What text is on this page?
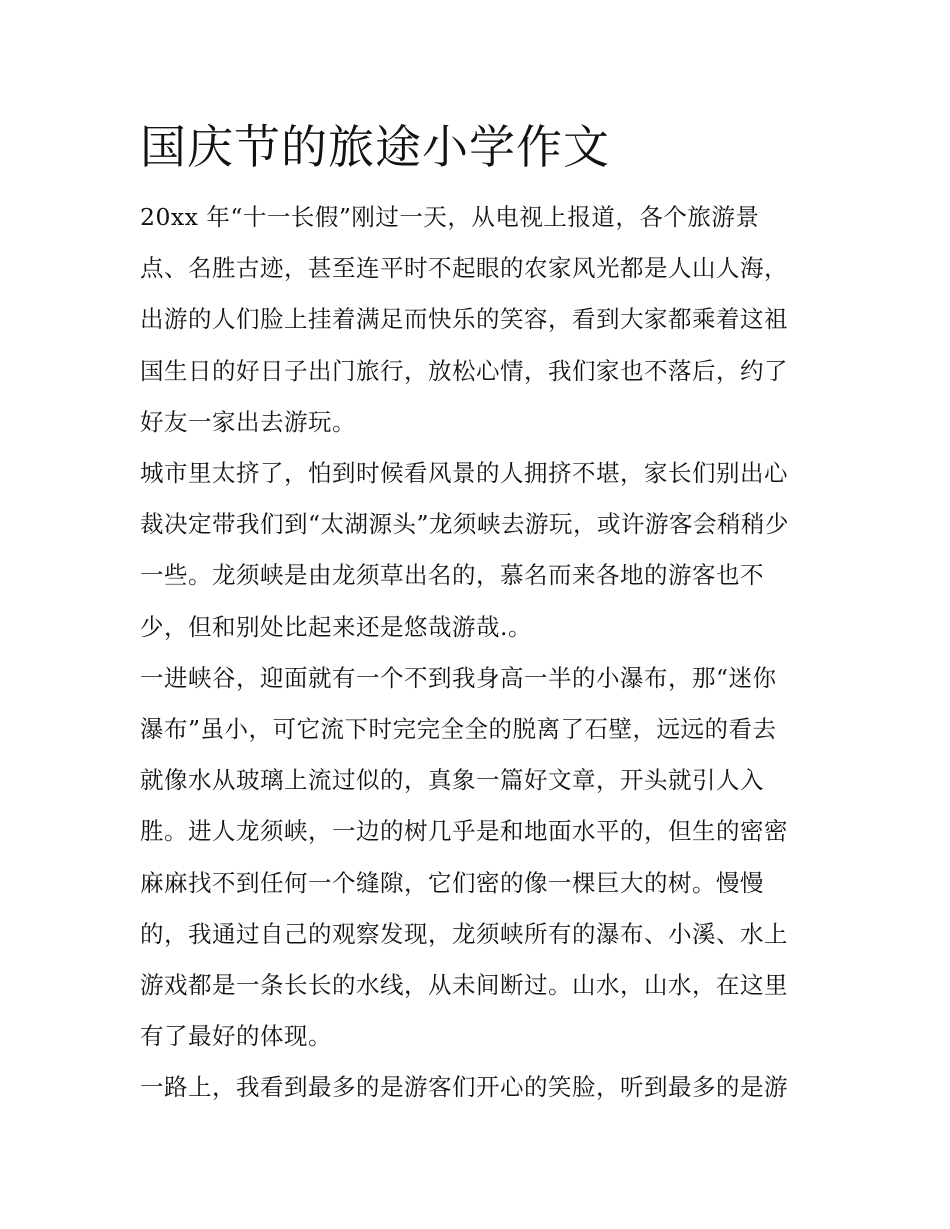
国庆节的旅途小学作文

20xx 年“十一长假”刚过一天，从电视上报道，各个旅游景
点、名胜古迹，甚至连平时不起眼的农家风光都是人山人海，
出游的人们脸上挂着满足而快乐的笑容，看到大家都乘着这祖
国生日的好日子出门旅行，放松心情，我们家也不落后，约了
好友一家出去游玩。

城市里太挤了，怕到时候看风景的人拥挤不堪，家长们别出心
裁决定带我们到“太湖源头”龙须峡去游玩，或许游客会稍稍少
一些。龙须峡是由龙须草出名的，慕名而来各地的游客也不
少，但和别处比起来还是悠哉游哉.。

一进峡谷，迎面就有一个不到我身高一半的小瀑布，那“迷你
瀑布”虽小，可它流下时完完全全的脱离了石壁，远远的看去
就像水从玻璃上流过似的，真象一篇好文章，开头就引人入
胜。进人龙须峡，一边的树几乎是和地面水平的，但生的密密
麻麻找不到任何一个缝隙，它们密的像一棵巨大的树。慢慢
的，我通过自己的观察发现，龙须峡所有的瀑布、小溪、水上
游戏都是一条长长的水线，从未间断过。山水，山水，在这里
有了最好的体现。

一路上，我看到最多的是游客们开心的笑脸，听到最多的是游
